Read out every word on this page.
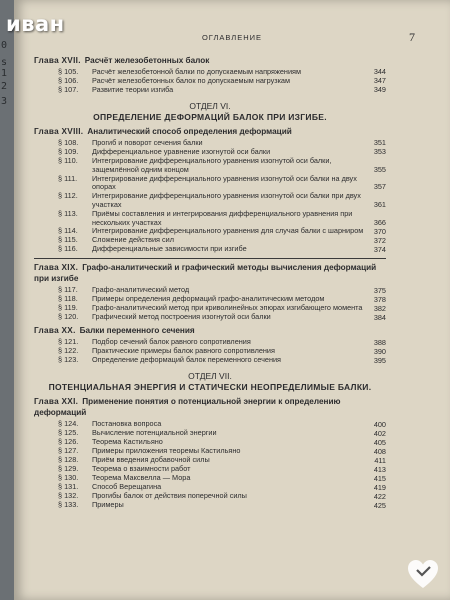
0
s
1
2
3
ОГЛАВЛЕНИЕ	7
Глава XVII. Расчёт железобетонных балок
§ 105. Расчёт железобетонной балки по допускаемым напряжениям	344
§ 106. Расчёт железобетонных балок по допускаемым нагрузкам	347
§ 107. Развитие теории изгиба	349
ОТДЕЛ VI.
ОПРЕДЕЛЕНИЕ ДЕФОРМАЦИЙ БАЛОК ПРИ ИЗГИБЕ.
Глава XVIII. Аналитический способ определения деформаций
§ 108. Прогиб и поворот сечения балки	351
§ 109. Дифференциальное уравнение изогнутой оси балки	353
§ 110. Интегрирование дифференциального уравнения изогнутой оси балки, защемлённой одним концом	355
§ 111. Интегрирование дифференциального уравнения изогнутой оси балки на двух опорах	357
§ 112. Интегрирование дифференциального уравнения изогнутой оси балки при двух участках	361
§ 113. Приёмы составления и интегрирования дифференциального уравнения при нескольких участках	366
§ 114. Интегрирование дифференциального уравнения для случая балки с шарниром 370
§ 115. Сложение действия сил	372
§ 116. Дифференциальные зависимости при изгибе	374
Глава XIX. Графо-аналитический и графический методы вычисления деформаций при изгибе
§ 117. Графо-аналитический метод	375
§ 118. Примеры определения деформаций графо-аналитическим методом	378
§ 119. Графо-аналитический метод при криволинейных эпюрах изгибающего момента 382
§ 120. Графический метод построения изогнутой оси балки	384
Глава XX. Балки переменного сечения
§ 121. Подбор сечений балок равного сопротивления	388
§ 122. Практические примеры балок равного сопротивления	390
§ 123. Определение деформаций балок переменного сечения	395
ОТДЕЛ VII.
ПОТЕНЦИАЛЬНАЯ ЭНЕРГИЯ И СТАТИЧЕСКИ НЕОПРЕДЕЛИМЫЕ БАЛКИ.
Глава XXI. Применение понятия о потенциальной энергии к определению деформаций
§ 124. Постановка вопроса	400
§ 125. Вычисление потенциальной энергии	402
§ 126. Теорема Кастильяно	405
§ 127. Примеры приложения теоремы Кастильяно	408
§ 128. Приём введения добавочной силы	411
§ 129. Теорема о взаимности работ	413
§ 130. Теорема Максвелла — Мора	415
§ 131. Способ Верещагина	419
§ 132. Прогибы балок от действия поперечной силы	422
§ 133. Примеры	425
иван
